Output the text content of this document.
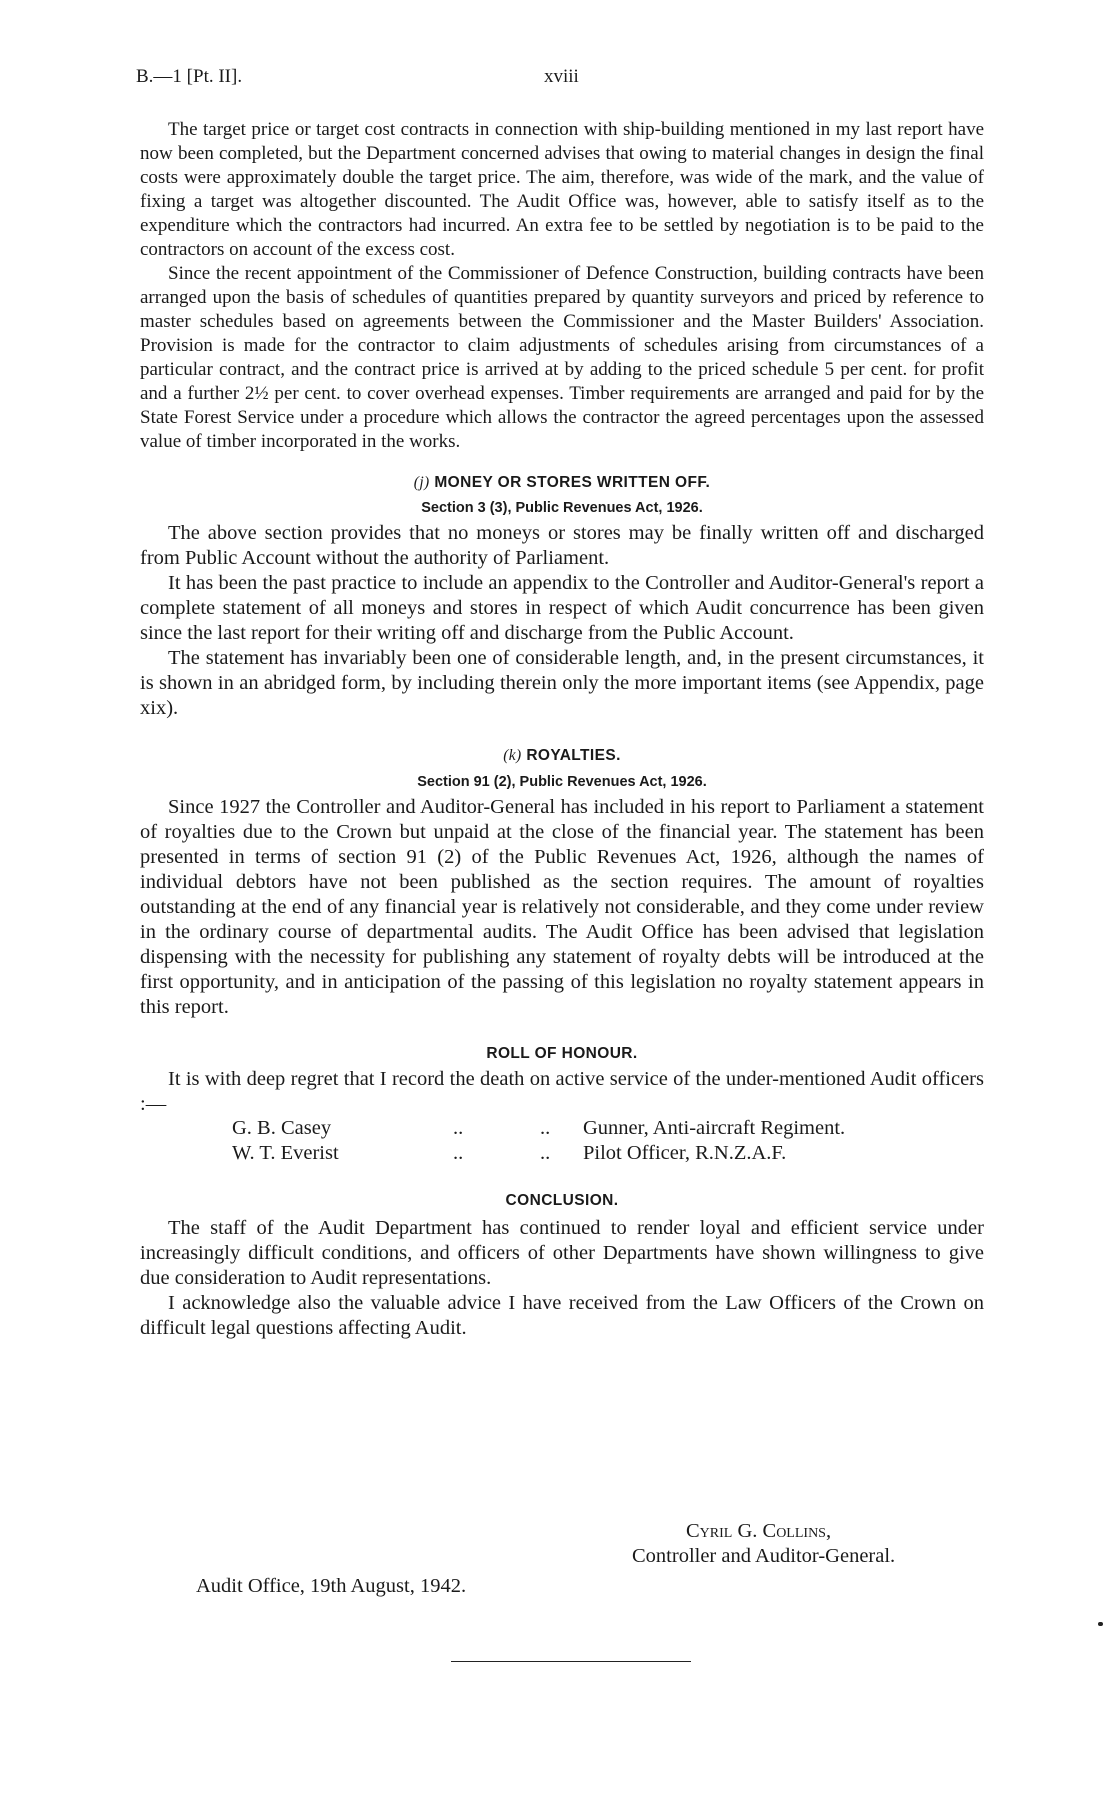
B.—1 [Pt. II].	xviii

The target price or target cost contracts in connection with ship-building mentioned in my last report have now been completed, but the Department concerned advises that owing to material changes in design the final costs were approximately double the target price. The aim, therefore, was wide of the mark, and the value of fixing a target was altogether discounted. The Audit Office was, however, able to satisfy itself as to the expenditure which the contractors had incurred. An extra fee to be settled by negotiation is to be paid to the contractors on account of the excess cost.

Since the recent appointment of the Commissioner of Defence Construction, building contracts have been arranged upon the basis of schedules of quantities prepared by quantity surveyors and priced by reference to master schedules based on agreements between the Commissioner and the Master Builders' Association. Provision is made for the contractor to claim adjustments of schedules arising from circumstances of a particular contract, and the contract price is arrived at by adding to the priced schedule 5 per cent. for profit and a further 2½ per cent. to cover overhead expenses. Timber requirements are arranged and paid for by the State Forest Service under a procedure which allows the contractor the agreed percentages upon the assessed value of timber incorporated in the works.

(j) MONEY OR STORES WRITTEN OFF.
Section 3 (3), Public Revenues Act, 1926.

The above section provides that no moneys or stores may be finally written off and discharged from Public Account without the authority of Parliament.

It has been the past practice to include an appendix to the Controller and Auditor-General's report a complete statement of all moneys and stores in respect of which Audit concurrence has been given since the last report for their writing off and discharge from the Public Account.

The statement has invariably been one of considerable length, and, in the present circumstances, it is shown in an abridged form, by including therein only the more important items (see Appendix, page xix).

(k) ROYALTIES.
Section 91 (2), Public Revenues Act, 1926.

Since 1927 the Controller and Auditor-General has included in his report to Parliament a statement of royalties due to the Crown but unpaid at the close of the financial year. The statement has been presented in terms of section 91 (2) of the Public Revenues Act, 1926, although the names of individual debtors have not been published as the section requires. The amount of royalties outstanding at the end of any financial year is relatively not considerable, and they come under review in the ordinary course of departmental audits. The Audit Office has been advised that legislation dispensing with the necessity for publishing any statement of royalty debts will be introduced at the first opportunity, and in anticipation of the passing of this legislation no royalty statement appears in this report.

ROLL OF HONOUR.

It is with deep regret that I record the death on active service of the under-mentioned Audit officers :—

G. B. Casey	..	.. Gunner, Anti-aircraft Regiment.
W. T. Everist	..	.. Pilot Officer, R.N.Z.A.F.
CONCLUSION.

The staff of the Audit Department has continued to render loyal and efficient service under increasingly difficult conditions, and officers of other Departments have shown willingness to give due consideration to Audit representations.

I acknowledge also the valuable advice I have received from the Law Officers of the Crown on difficult legal questions affecting Audit.

Cyril G. Collins,
Controller and Auditor-General.
Audit Office, 19th August, 1942.
